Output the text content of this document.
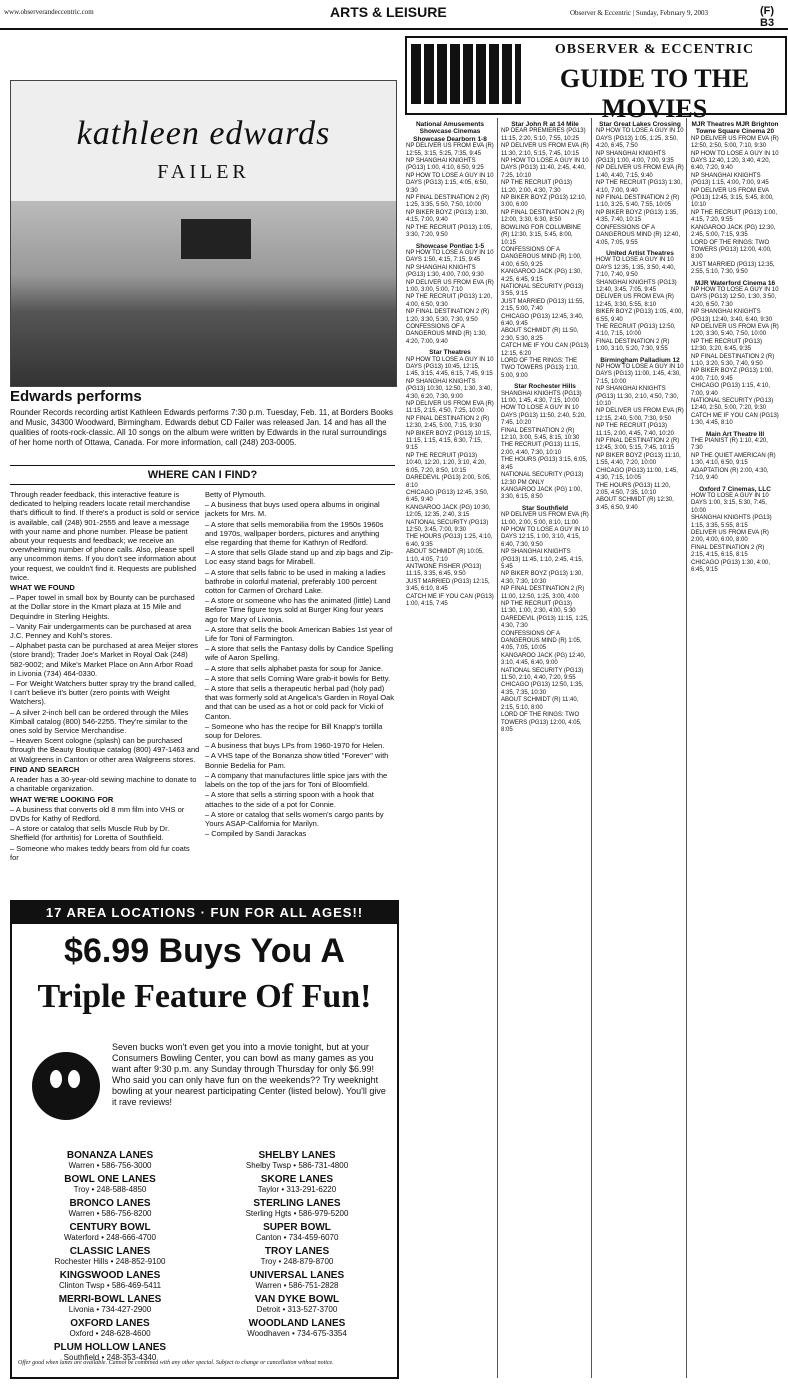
www.observerandeccentric.com	ARTS & LEISURE	Observer & Eccentric | Sunday, February 9, 2003	(F) B3
kathleen edwards
FAILER
Edwards performs
Rounder Records recording artist Kathleen Edwards performs 7:30 p.m. Tuesday, Feb. 11, at Borders Books and Music, 34300 Woodward, Birmingham. Edwards debut CD Failer was released Jan. 14 and has all the qualities of roots-rock-classic. All 10 songs on the album were written by Edwards in the rural surroundings of her home north of Ottawa, Canada. For more information, call (248) 203-0005.
WHERE CAN I FIND?

Through reader feedback, this interactive feature is dedicated to helping readers locate retail merchandise that's difficult to find. If there's a product is sold or service is available, call (248) 901-2555 and leave a message with your name and phone number. Please be patient about your requests and feedback; we receive an overwhelming number of phone calls. Also, please spell any uncommon items. If you don't see information about your request, we couldn't find it. Requests are published twice.

WHAT WE FOUND

– Paper towel in small box by Bounty can be purchased at the Dollar store in the Kmart plaza at 15 Mile and Dequindre in Sterling Heights.

– Vanity Fair undergarments can be purchased at area J.C. Penney and Kohl's stores.

– Alphabet pasta can be purchased at area Meijer stores (store brand); Trader Joe's Market in Royal Oak (248) 582-9002; and Mike's Market Place on Ann Arbor Road in Livonia (734) 464-0330.

– For Weight Watchers butter spray try the brand called, I can't believe it's butter (zero points with Weight Watchers).

– A silver 2-inch bell can be ordered through the Miles Kimball catalog (800) 546-2255. They're similar to the ones sold by Service Merchandise.

– Heaven Scent cologne (splash) can be purchased through the Beauty Boutique catalog (800) 497-1463 and at Walgreens in Canton or other area Walgreens stores.

FIND AND SEARCH

A reader has a 30-year-old sewing machine to donate to a charitable organization.

WHAT WE'RE LOOKING FOR

– A business that converts old 8 mm film into VHS or DVDs for Kathy of Redford.

– A store or catalog that sells Muscle Rub by Dr. Sheffield (for arthritis) for Loretta of Southfield.

– Someone who makes teddy bears from old fur coats for

Betty of Plymouth.

– A business that buys used opera albums in original jackets for Mrs. M.

– A store that sells memorabilia from the 1950s 1960s and 1970s, wallpaper borders, pictures and anything else regarding that theme for Kathryn of Redford.

– A store that sells Glade stand up and zip bags and Zip-Loc easy stand bags for Mirabell.

– A store that sells fabric to be used in making a ladies bathrobe in colorful material, preferably 100 percent cotton for Carmen of Orchard Lake.

– A store or someone who has the animated (little) Land Before Time figure toys sold at Burger King four years ago for Mary of Livonia.

– A store that sells the book American Babies 1st year of Life for Toni of Farmington.

– A store that sells the Fantasy dolls by Candice Spelling wife of Aaron Spelling.

– A store that sells alphabet pasta for soup for Janice.

– A store that sells Corning Ware grab-it bowls for Betty.

– A store that sells a therapeutic herbal pad (holy pad) that was formerly sold at Angelica's Garden in Royal Oak and that can be used as a hot or cold pack for Vicki of Canton.

– Someone who has the recipe for Bill Knapp's tortilla soup for Delores.

– A business that buys LPs from 1960-1970 for Helen.

– A VHS tape of the Bonanza show titled "Forever" with Bonnie Bedelia for Pam.

– A company that manufactures little spice jars with the labels on the top of the jars for Toni of Bloomfield.

– A store that sells a stirring spoon with a hook that attaches to the side of a pot for Connie.

– A store or catalog that sells women's cargo pants by Yours ASAP-California for Marilyn.

– Compiled by Sandi Jarackas

17 AREA LOCATIONS · FUN FOR ALL AGES!!
$6.99 Buys You A
Triple Feature Of Fun!
Seven bucks won't even get you into a movie tonight, but at your Consumers Bowling Center, you can bowl as many games as you want after 9:30 p.m. any Sunday through Thursday for only $6.99! Who said you can only have fun on the weekends?? Try weeknight bowling at your nearest participating Center (listed below). You'll give it rave reviews!
BONANZA LANES
Warren • 586-756-3000
BOWL ONE LANES
Troy • 248-588-4850
BRONCO LANES
Warren • 586-756-8200
CENTURY BOWL
Waterford • 248-666-4700
CLASSIC LANES
Rochester Hills • 248-852-9100
KINGSWOOD LANES
Clinton Twsp • 586-469-5411
MERRI-BOWL LANES
Livonia • 734-427-2900
OXFORD LANES
Oxford • 248-628-4600
PLUM HOLLOW LANES
Southfield • 248-353-4340
SHELBY LANES
Shelby Twsp • 586-731-4800
SKORE LANES
Taylor • 313-291-6220
STERLING LANES
Sterling Hgts • 586-979-5200
SUPER BOWL
Canton • 734-459-6070
TROY LANES
Troy • 248-879-8700
UNIVERSAL LANES
Warren • 586-751-2828
VAN DYKE BOWL
Detroit • 313-527-3700
WOODLAND LANES
Woodhaven • 734-675-3354
Offer good when lanes are available. Cannot be combined with any other special. Subject to change or cancellation without notice.
OBSERVER & ECCENTRIC
GUIDE TO THE MOVIES
National Amusements Showcase Cinemas Showcase Dearborn 1-8
NP DELIVER US FROM EVA (R) 12:55, 3:15, 5:25, 7:35, 9:45
NP SHANGHAI KNIGHTS (PG13) 1:00, 4:10, 6:50, 9:25
NP HOW TO LOSE A GUY IN 10 DAYS (PG13) 1:15, 4:05, 6:50, 9:30
NP FINAL DESTINATION 2 (R) 1:25, 3:35, 5:50, 7:50, 10:00
NP BIKER BOYZ (PG13) 1:30, 4:15, 7:00, 9:40
NP THE RECRUIT (PG13) 1:05, 3:30, 7:20, 9:50
Showcase Pontiac 1-5
NP HOW TO LOSE A GUY IN 10 DAYS 1:50, 4:15, 7:15, 9:45
NP SHANGHAI KNIGHTS (PG13) 1:30, 4:00, 7:00, 9:30
NP DELIVER US FROM EVA (R) 1:00, 3:00, 5:00, 7:10
NP THE RECRUIT (PG13) 1:20, 4:00, 6:50, 9:30
NP FINAL DESTINATION 2 (R) 1:20, 3:30, 5:30, 7:30, 9:50
CONFESSIONS OF A DANGEROUS MIND (R) 1:30, 4:20, 7:00, 9:40
Star Theatres
NP HOW TO LOSE A GUY IN 10 DAYS (PG13) 10:45, 12:15, 1:45, 3:15, 4:45, 6:15, 7:45, 9:15
NP SHANGHAI KNIGHTS (PG13) 10:30, 12:50, 1:30, 3:40, 4:30, 6:20, 7:30, 9:00
NP DELIVER US FROM EVA (R) 11:15, 2:15, 4:50, 7:25, 10:00
NP FINAL DESTINATION 2 (R) 12:30, 2:45, 5:00, 7:15, 9:30
NP BIKER BOYZ (PG13) 10:15, 11:15, 1:15, 4:15, 6:30, 7:15, 9:15
NP THE RECRUIT (PG13) 10:40, 12:20, 1:20, 3:10, 4:20, 6:05, 7:20, 8:50, 10:15
DAREDEVIL (PG13) 2:00, 5:05, 8:10
CHICAGO (PG13) 12:45, 3:50, 6:45, 9:40
KANGAROO JACK (PG) 10:30, 12:05, 12:35, 2:40, 3:15
NATIONAL SECURITY (PG13) 12:50, 3:45, 7:00, 9:30
THE HOURS (PG13) 1:25, 4:10, 6:40, 9:35
ABOUT SCHMIDT (R) 10:05, 1:10, 4:05, 7:10
ANTWONE FISHER (PG13) 11:15, 3:35, 6:45, 9:50
JUST MARRIED (PG13) 12:15, 3:45, 6:10, 8:45
CATCH ME IF YOU CAN (PG13) 1:00, 4:15, 7:45
Star John R at 14 Mile
NP DEAR PREMIERES (PG13) 11:15, 2:20, 5:10, 7:55, 10:25
NP DELIVER US FROM EVA (R) 11:30, 2:10, 5:15, 7:45, 10:15
NP HOW TO LOSE A GUY IN 10 DAYS (PG13) 11:40, 2:45, 4:40, 7:25, 10:10
NP THE RECRUIT (PG13) 11:20, 2:00, 4:30, 7:30
NP BIKER BOYZ (PG13) 12:10, 3:00, 6:00
NP FINAL DESTINATION 2 (R) 12:00, 3:30, 6:30, 8:50
BOWLING FOR COLUMBINE (R) 12:30, 3:15, 5:45, 8:00, 10:15
CONFESSIONS OF A DANGEROUS MIND (R) 1:00, 4:00, 6:50, 9:25
KANGAROO JACK (PG) 1:30, 4:25, 6:45, 9:15
NATIONAL SECURITY (PG13) 3:55, 9:15
JUST MARRIED (PG13) 11:55, 2:15, 5:00, 7:40
CHICAGO (PG13) 12:45, 3:40, 6:40, 9:45
ABOUT SCHMIDT (R) 11:50, 2:30, 5:30, 8:25
CATCH ME IF YOU CAN (PG13) 12:15, 6:20
LORD OF THE RINGS: THE TWO TOWERS (PG13) 1:10, 5:00, 9:00
Star Rochester Hills
SHANGHAI KNIGHTS (PG13) 11:00, 1:45, 4:30, 7:15, 10:00
HOW TO LOSE A GUY IN 10 DAYS (PG13) 11:50, 2:40, 5:20, 7:45, 10:20
FINAL DESTINATION 2 (R) 12:10, 3:00, 5:45, 8:15, 10:30
THE RECRUIT (PG13) 11:15, 2:00, 4:40, 7:30, 10:10
THE HOURS (PG13) 3:15, 6:05, 8:45
NATIONAL SECURITY (PG13) 12:30 PM ONLY
KANGAROO JACK (PG) 1:00, 3:30, 6:15, 8:50
Star Southfield
NP DELIVER US FROM EVA (R) 11:00, 2:00, 5:00, 8:10, 11:00
NP HOW TO LOSE A GUY IN 10 DAYS 12:15, 1:00, 3:10, 4:15, 6:40, 7:30, 9:50
NP SHANGHAI KNIGHTS (PG13) 11:45, 1:10, 2:45, 4:15, 5:45
NP BIKER BOYZ (PG13) 1:30, 4:30, 7:30, 10:30
NP FINAL DESTINATION 2 (R) 11:00, 12:50, 1:25, 3:00, 4:00
NP THE RECRUIT (PG13) 11:30, 1:00, 2:30, 4:00, 5:30
DAREDEVIL (PG13) 11:15, 1:25, 4:30, 7:30
CONFESSIONS OF A DANGEROUS MIND (R) 1:05, 4:05, 7:05, 10:05
KANGAROO JACK (PG) 12:40, 3:10, 4:45, 6:40, 9:00
NATIONAL SECURITY (PG13) 11:50, 2:10, 4:40, 7:20, 9:55
CHICAGO (PG13) 12:50, 1:35, 4:35, 7:35, 10:30
ABOUT SCHMIDT (R) 11:40, 2:15, 5:10, 8:00
LORD OF THE RINGS: TWO TOWERS (PG13) 12:00, 4:05, 8:05
Star Great Lakes Crossing
NP HOW TO LOSE A GUY IN 10 DAYS (PG13) 1:05, 1:25, 3:50, 4:20, 6:45, 7:50
NP SHANGHAI KNIGHTS (PG13) 1:00, 4:00, 7:00, 9:35
NP DELIVER US FROM EVA (R) 1:40, 4:40, 7:15, 9:40
NP THE RECRUIT (PG13) 1:30, 4:10, 7:00, 9:40
NP FINAL DESTINATION 2 (R) 1:10, 3:25, 5:40, 7:55, 10:05
NP BIKER BOYZ (PG13) 1:35, 4:35, 7:40, 10:15
CONFESSIONS OF A DANGEROUS MIND (R) 12:40, 4:05, 7:05, 9:55
United Artist Theatres
HOW TO LOSE A GUY IN 10 DAYS 12:35, 1:35, 3:50, 4:40, 7:10, 7:40, 9:50
SHANGHAI KNIGHTS (PG13) 12:40, 3:45, 7:05, 9:45
DELIVER US FROM EVA (R) 12:45, 3:30, 5:55, 8:10
BIKER BOYZ (PG13) 1:05, 4:00, 6:55, 9:40
THE RECRUIT (PG13) 12:50, 4:10, 7:15, 10:00
FINAL DESTINATION 2 (R) 1:00, 3:10, 5:20, 7:30, 9:55
Birmingham Palladium 12
NP HOW TO LOSE A GUY IN 10 DAYS (PG13) 11:00, 1:45, 4:30, 7:15, 10:00
NP SHANGHAI KNIGHTS (PG13) 11:30, 2:10, 4:50, 7:30, 10:10
NP DELIVER US FROM EVA (R) 12:15, 2:40, 5:00, 7:30, 9:50
NP THE RECRUIT (PG13) 11:15, 2:00, 4:45, 7:40, 10:20
NP FINAL DESTINATION 2 (R) 12:45, 3:00, 5:15, 7:45, 10:15
NP BIKER BOYZ (PG13) 11:10, 1:55, 4:40, 7:20, 10:00
CHICAGO (PG13) 11:00, 1:45, 4:30, 7:15, 10:05
THE HOURS (PG13) 11:20, 2:05, 4:50, 7:35, 10:10
ABOUT SCHMIDT (R) 12:30, 3:45, 6:50, 9:40
MJR Theatres MJR Brighton Towne Square Cinema 20
NP DELIVER US FROM EVA (R) 12:50, 2:50, 5:00, 7:10, 9:30
NP HOW TO LOSE A GUY IN 10 DAYS 12:40, 1:20, 3:40, 4:20, 6:40, 7:20, 9:40
NP SHANGHAI KNIGHTS (PG13) 1:15, 4:00, 7:00, 9:45
NP DELIVER US FROM EVA (PG13) 12:45, 3:15, 5:45, 8:00, 10:10
NP THE RECRUIT (PG13) 1:00, 4:15, 7:20, 9:55
KANGAROO JACK (PG) 12:30, 2:45, 5:00, 7:15, 9:35
LORD OF THE RINGS: TWO TOWERS (PG13) 12:00, 4:00, 8:00
JUST MARRIED (PG13) 12:35, 2:55, 5:10, 7:30, 9:50
MJR Waterford Cinema 16
NP HOW TO LOSE A GUY IN 10 DAYS (PG13) 12:50, 1:30, 3:50, 4:20, 6:50, 7:30
NP SHANGHAI KNIGHTS (PG13) 12:40, 3:40, 6:40, 9:30
NP DELIVER US FROM EVA (R) 1:20, 3:30, 5:40, 7:50, 10:00
NP THE RECRUIT (PG13) 12:30, 3:20, 6:45, 9:35
NP FINAL DESTINATION 2 (R) 1:10, 3:20, 5:30, 7:40, 9:50
NP BIKER BOYZ (PG13) 1:00, 4:00, 7:10, 9:45
CHICAGO (PG13) 1:15, 4:10, 7:00, 9:40
NATIONAL SECURITY (PG13) 12:40, 2:50, 5:00, 7:20, 9:30
CATCH ME IF YOU CAN (PG13) 1:30, 4:45, 8:10
Main Art Theatre III
THE PIANIST (R) 1:10, 4:20, 7:30
NP THE QUIET AMERICAN (R) 1:30, 4:10, 6:50, 9:15
ADAPTATION (R) 2:00, 4:30, 7:10, 9:40
Oxford 7 Cinemas, LLC
HOW TO LOSE A GUY IN 10 DAYS 1:00, 3:15, 5:30, 7:45, 10:00
SHANGHAI KNIGHTS (PG13) 1:15, 3:35, 5:55, 8:15
DELIVER US FROM EVA (R) 2:00, 4:00, 6:00, 8:00
FINAL DESTINATION 2 (R) 2:15, 4:15, 6:15, 8:15
CHICAGO (PG13) 1:30, 4:00, 6:45, 9:15
